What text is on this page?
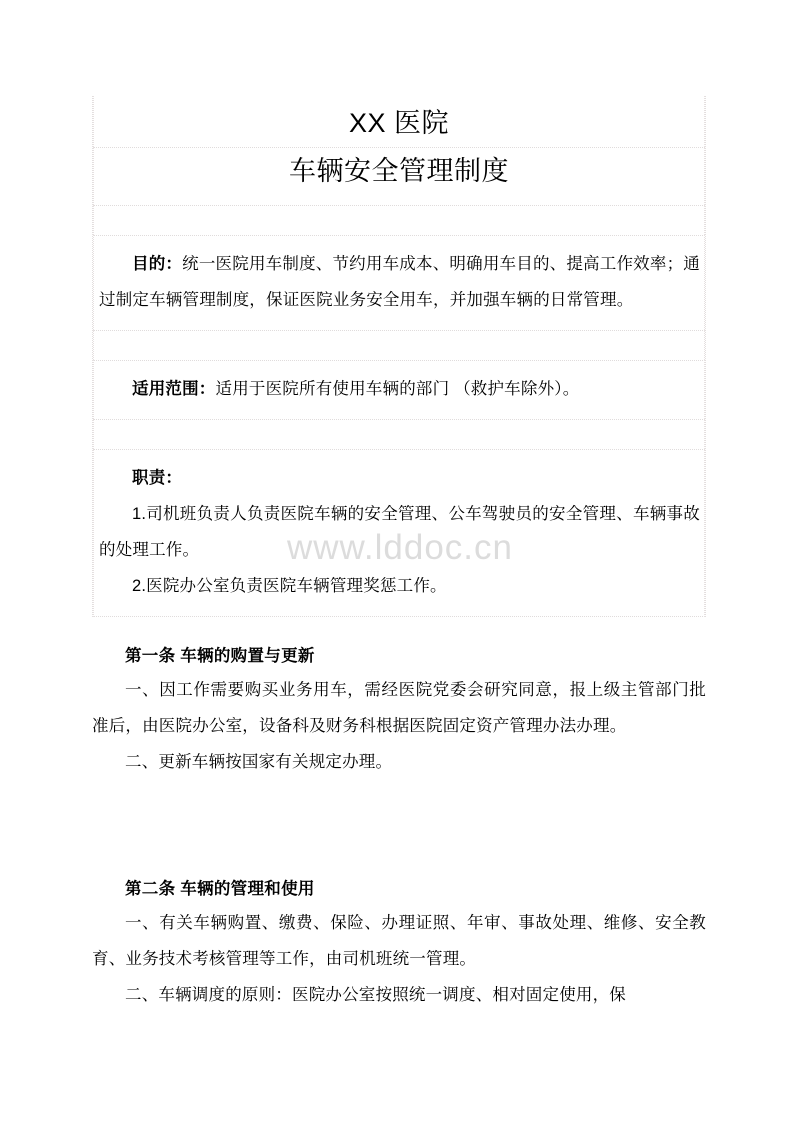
www.lddoc.cn
XX 医院
车辆安全管理制度

目的：统一医院用车制度、节约用车成本、明确用车目的、提高工作效率；通过制定车辆管理制度，保证医院业务安全用车，并加强车辆的日常管理。

适用范围：适用于医院所有使用车辆的部门 （救护车除外）。

职责：

1.司机班负责人负责医院车辆的安全管理、公车驾驶员的安全管理、车辆事故的处理工作。

2.医院办公室负责医院车辆管理奖惩工作。

第一条 车辆的购置与更新

一、因工作需要购买业务用车，需经医院党委会研究同意，报上级主管部门批准后，由医院办公室，设备科及财务科根据医院固定资产管理办法办理。

二、更新车辆按国家有关规定办理。

第二条 车辆的管理和使用

一、有关车辆购置、缴费、保险、办理证照、年审、事故处理、维修、安全教育、业务技术考核管理等工作，由司机班统一管理。

二、车辆调度的原则：医院办公室按照统一调度、相对固定使用，保
